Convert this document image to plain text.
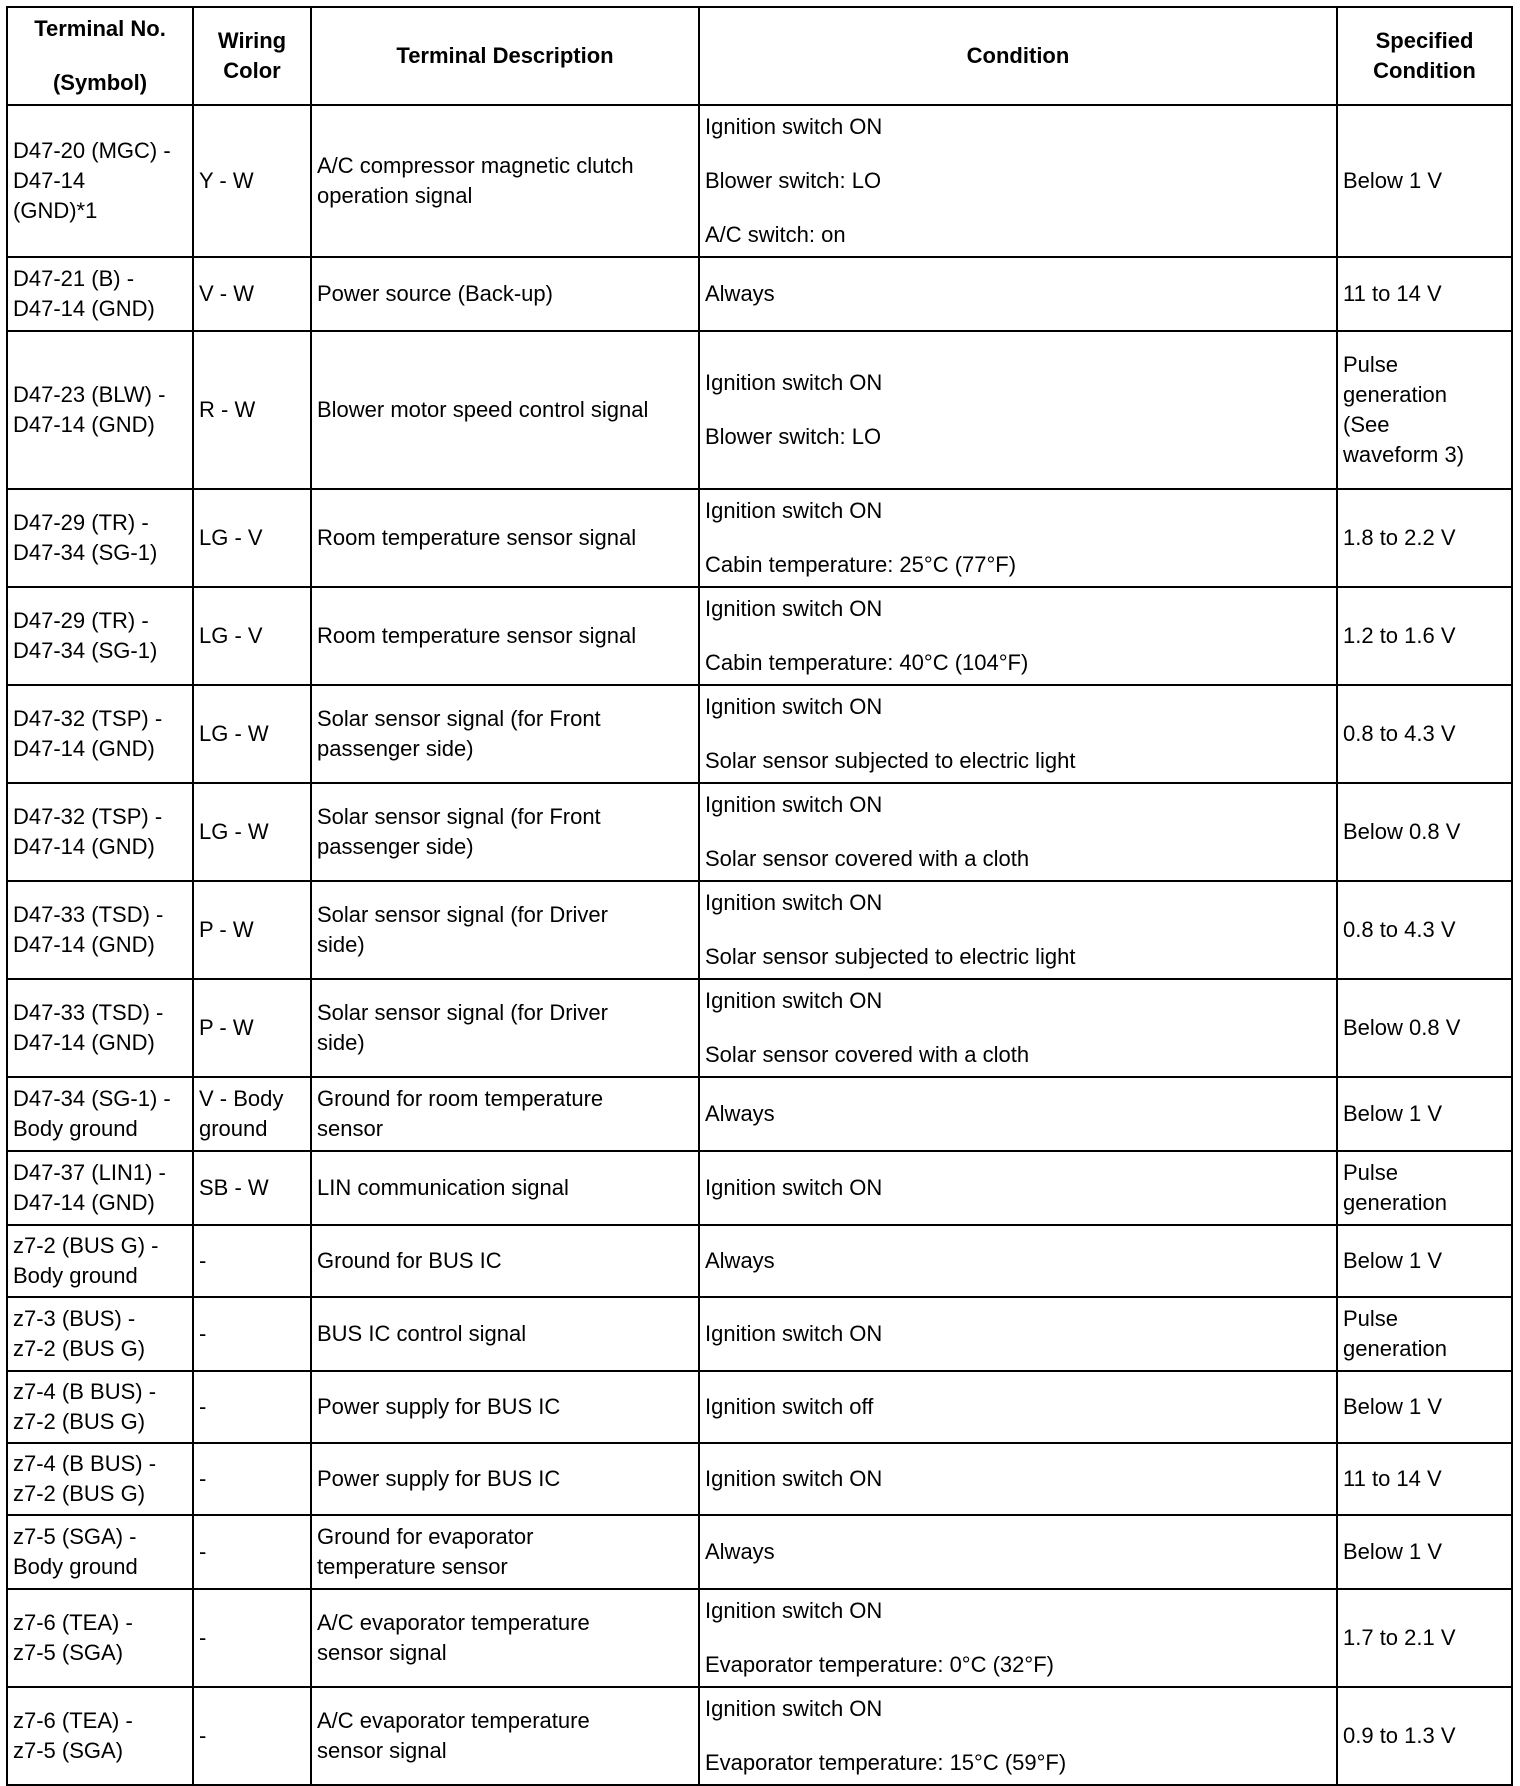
Terminal No.
(Symbol)	Wiring
Color	Terminal Description	Condition	Specified
Condition

D47-20 (MGC) -
D47-14
(GND)*1	Y - W	A/C compressor magnetic clutch
operation signal	Ignition switch ON
Blower switch: LO
A/C switch: on	Below 1 V

D47-21 (B) -
D47-14 (GND)	V - W	Power source (Back-up)	Always	11 to 14 V

D47-23 (BLW) -
D47-14 (GND)	R - W	Blower motor speed control signal	Ignition switch ON
Blower switch: LO	Pulse
generation
(See
waveform 3)

D47-29 (TR) -
D47-34 (SG-1)	LG - V	Room temperature sensor signal	Ignition switch ON
Cabin temperature: 25°C (77°F)	1.8 to 2.2 V

D47-29 (TR) -
D47-34 (SG-1)	LG - V	Room temperature sensor signal	Ignition switch ON
Cabin temperature: 40°C (104°F)	1.2 to 1.6 V

D47-32 (TSP) -
D47-14 (GND)	LG - W	Solar sensor signal (for Front
passenger side)	Ignition switch ON
Solar sensor subjected to electric light	0.8 to 4.3 V

D47-32 (TSP) -
D47-14 (GND)	LG - W	Solar sensor signal (for Front
passenger side)	Ignition switch ON
Solar sensor covered with a cloth	Below 0.8 V

D47-33 (TSD) -
D47-14 (GND)	P - W	Solar sensor signal (for Driver
side)	Ignition switch ON
Solar sensor subjected to electric light	0.8 to 4.3 V

D47-33 (TSD) -
D47-14 (GND)	P - W	Solar sensor signal (for Driver
side)	Ignition switch ON
Solar sensor covered with a cloth	Below 0.8 V

D47-34 (SG-1) -
Body ground	V - Body
ground	Ground for room temperature
sensor	Always	Below 1 V

D47-37 (LIN1) -
D47-14 (GND)	SB - W	LIN communication signal	Ignition switch ON	Pulse
generation

z7-2 (BUS G) -
Body ground	-	Ground for BUS IC	Always	Below 1 V

z7-3 (BUS) -
z7-2 (BUS G)	-	BUS IC control signal	Ignition switch ON	Pulse
generation

z7-4 (B BUS) -
z7-2 (BUS G)	-	Power supply for BUS IC	Ignition switch off	Below 1 V

z7-4 (B BUS) -
z7-2 (BUS G)	-	Power supply for BUS IC	Ignition switch ON	11 to 14 V

z7-5 (SGA) -
Body ground	-	Ground for evaporator
temperature sensor	Always	Below 1 V

z7-6 (TEA) -
z7-5 (SGA)	-	A/C evaporator temperature
sensor signal	Ignition switch ON
Evaporator temperature: 0°C (32°F)	1.7 to 2.1 V

z7-6 (TEA) -
z7-5 (SGA)	-	A/C evaporator temperature
sensor signal	Ignition switch ON
Evaporator temperature: 15°C (59°F)	0.9 to 1.3 V
